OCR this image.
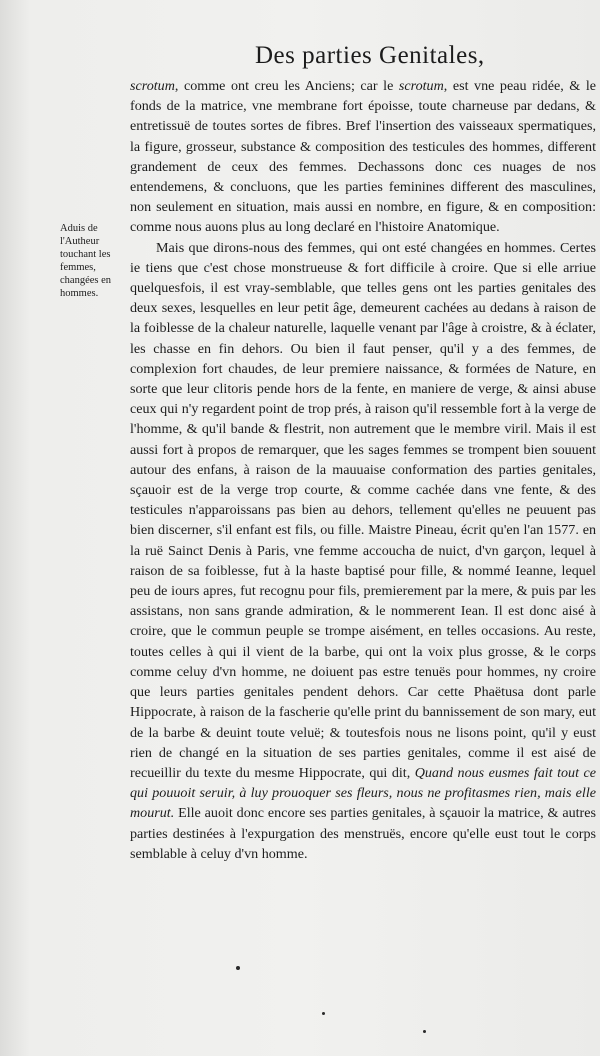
Des parties Genitales,
Aduis de l'Autheur touchant les femmes, changées en hommes.

scrotum, comme ont creu les Anciens; car le scrotum, est vne peau ridée, & le fonds de la matrice, vne membrane fort époisse, toute charneuse par dedans, & entretissuë de toutes sortes de fibres. Bref l'insertion des vaisseaux spermatiques, la figure, grosseur, substance & composition des testicules des hommes, different grandement de ceux des femmes. Dechassons donc ces nuages de nos entendemens, & concluons, que les parties feminines different des masculines, non seulement en situation, mais aussi en nombre, en figure, & en composition: comme nous auons plus au long declaré en l'histoire Anatomique.

Mais que dirons-nous des femmes, qui ont esté changées en hommes. Certes ie tiens que c'est chose monstrueuse & fort difficile à croire. Que si elle arriue quelquesfois, il est vray-semblable, que telles gens ont les parties genitales des deux sexes, lesquelles en leur petit âge, demeurent cachées au dedans à raison de la foiblesse de la chaleur naturelle, laquelle venant par l'âge à croistre, & à éclater, les chasse en fin dehors. Ou bien il faut penser, qu'il y a des femmes, de complexion fort chaudes, de leur premiere naissance, & formées de Nature, en sorte que leur clitoris pende hors de la fente, en maniere de verge, & ainsi abuse ceux qui n'y regardent point de trop prés, à raison qu'il ressemble fort à la verge de l'homme, & qu'il bande & flestrit, non autrement que le membre viril. Mais il est aussi fort à propos de remarquer, que les sages femmes se trompent bien souuent autour des enfans, à raison de la mauuaise conformation des parties genitales, sçauoir est de la verge trop courte, & comme cachée dans vne fente, & des testicules n'apparoissans pas bien au dehors, tellement qu'elles ne peuuent pas bien discerner, s'il enfant est fils, ou fille. Maistre Pineau, écrit qu'en l'an 1577. en la ruë Sainct Denis à Paris, vne femme accoucha de nuict, d'vn garçon, lequel à raison de sa foiblesse, fut à la haste baptisé pour fille, & nommé Ieanne, lequel peu de iours apres, fut recognu pour fils, premierement par la mere, & puis par les assistans, non sans grande admiration, & le nommerent Iean. Il est donc aisé à croire, que le commun peuple se trompe aisément, en telles occasions. Au reste, toutes celles à qui il vient de la barbe, qui ont la voix plus grosse, & le corps comme celuy d'vn homme, ne doiuent pas estre tenuës pour hommes, ny croire que leurs parties genitales pendent dehors. Car cette Phaëtusa dont parle Hippocrate, à raison de la fascherie qu'elle print du bannissement de son mary, eut de la barbe & deuint toute veluë; & toutesfois nous ne lisons point, qu'il y eust rien de changé en la situation de ses parties genitales, comme il est aisé de recueillir du texte du mesme Hippocrate, qui dit, Quand nous eusmes fait tout ce qui pouuoit seruir, à luy prouoquer ses fleurs, nous ne profitasmes rien, mais elle mourut. Elle auoit donc encore ses parties genitales, à sçauoir la matrice, & autres parties destinées à l'expurgation des menstruës, encore qu'elle eust tout le corps semblable à celuy d'vn homme.
